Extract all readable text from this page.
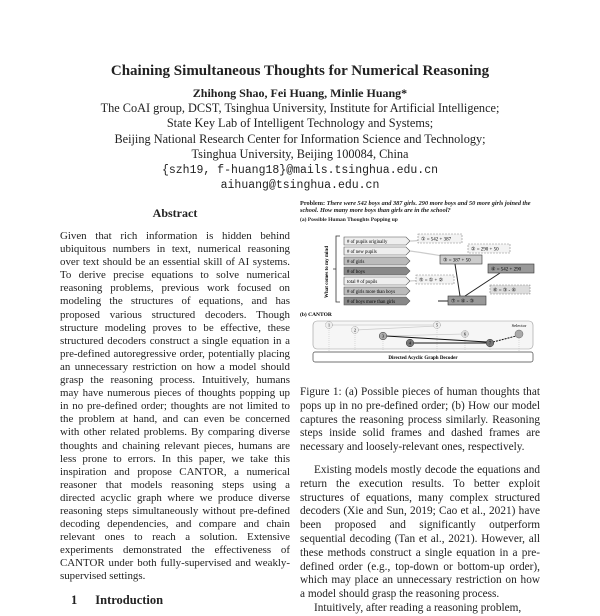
Chaining Simultaneous Thoughts for Numerical Reasoning
Zhihong Shao, Fei Huang, Minlie Huang*
The CoAI group, DCST, Tsinghua University, Institute for Artificial Intelligence;
State Key Lab of Intelligent Technology and Systems;
Beijing National Research Center for Information Science and Technology;
Tsinghua University, Beijing 100084, China
{szh19, f-huang18}@mails.tsinghua.edu.cn
aihuang@tsinghua.edu.cn
Abstract
Given that rich information is hidden behind ubiquitous numbers in text, numerical reasoning over text should be an essential skill of AI systems. To derive precise equations to solve numerical reasoning problems, previous work focused on modeling the structures of equations, and has proposed various structured decoders. Though structure modeling proves to be effective, these structured decoders construct a single equation in a pre-defined autoregressive order, potentially placing an unnecessary restriction on how a model should grasp the reasoning process. Intuitively, humans may have numerous pieces of thoughts popping up in no pre-defined order; thoughts are not limited to the problem at hand, and can even be concerned with other related problems. By comparing diverse thoughts and chaining relevant pieces, humans are less prone to errors. In this paper, we take this inspiration and propose CANTOR, a numerical reasoner that models reasoning steps using a directed acyclic graph where we produce diverse reasoning steps simultaneously without pre-defined decoding dependencies, and compare and chain relevant ones to reach a solution. Extensive experiments demonstrated the effectiveness of CANTOR under both fully-supervised and weakly-supervised settings.
1 Introduction
Problem: There were 542 boys and 387 girls. 290 more boys and 50 more girls joined the school. How many more boys than girls are in the school?
(a) Possible Human Thoughts Popping up
What comes to my mind
# of pupils originally
# of new pupils
# of girls
# of boys
total # of pupils
# of girls more than boys
# of boys more than girls
① = 542 + 387
② = 290 + 50
③ = 387 + 50
④ = 542 + 290
⑤ = ① + ②
⑥ = ③ - ④
⑦ = ④ - ③
(b) CANTOR
Directed Acyclic Graph Decoder
1
2
3
4
5
6
7
Selector
Figure 1: (a) Possible pieces of human thoughts that pops up in no pre-defined order; (b) How our model captures the reasoning process similarly. Reasoning steps inside solid frames and dashed frames are necessary and loosely-relevant ones, respectively.
Existing models mostly decode the equations and return the execution results. To better exploit structures of equations, many complex structured decoders (Xie and Sun, 2019; Cao et al., 2021) have been proposed and significantly outperform sequential decoding (Tan et al., 2021). However, all these methods construct a single equation in a pre-defined order (e.g., top-down or bottom-up order), which may place an unnecessary restriction on how a model should grasp the reasoning process.
Intuitively, after reading a reasoning problem,
